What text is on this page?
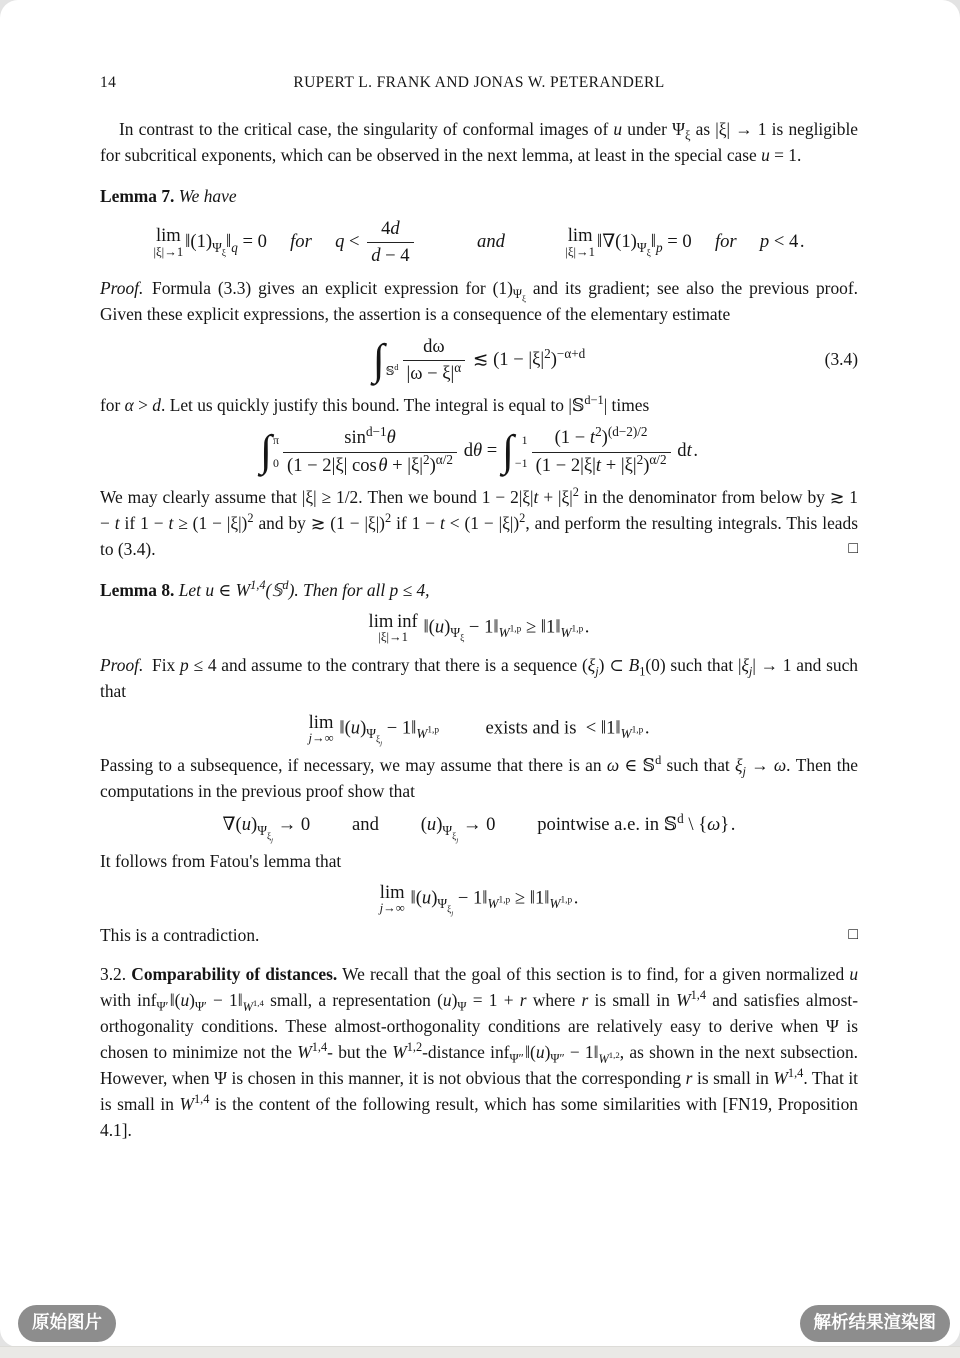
14	RUPERT L. FRANK AND JONAS W. PETERANDERL

In contrast to the critical case, the singularity of conformal images of u under $\Psi_\xi$ as |ξ| → 1 is negligible for subcritical exponents, which can be observed in the next lemma, at least in the special case u = 1.

Lemma 7. We have

lim
|ξ|→1 $‖(1)_{\Psi_\xi}‖_q = 0$  for  $q < \frac{4d}{d - 4}$
   	and   	lim
|ξ|→1 $‖\nabla(1)_{\Psi_\xi}‖_p = 0$  for  p < 4 .

Proof. Formula (3.3) gives an explicit expression for $(1)_{\Psi_\xi}$ and its gradient; see also the previous proof. Given these explicit expressions, the assertion is a consequence of the elementary estimate

∫
𝕊$^d$ $\frac{d\omega}{|\omega - \xi|^\alpha}$ ≲ $(1 - |\xi|^2)^{-\alpha+d}$	(3.4)

for α > d. Let us quickly justify this bound. The integral is equal to |𝕊$^{d-1}$| times

∫ π
$0 \frac{\sin^{d-1}\theta}{(1 - 2|\xi| \cos \theta + |\xi|^2)^{\alpha/2}}$  dθ = ∫ 1
$-1 \frac{(1 - t^2)^{(d-2)/2}}{(1 - 2|\xi|t + |\xi|^2)^{\alpha/2}}$  dt .

We may clearly assume that |ξ| ≥ 1/2. Then we bound $1 - 2|\xi|t + |\xi|^2$ in the denominator from below by ≳ 1 − t if $1 - t \ge (1 - |\xi|)^2$ and by ≳ $(1 - |\xi|)^2$ if $1 - t < (1 - |\xi|)^2$, and perform the resulting integrals. This leads to (3.4).	□

Lemma 8. Let u ∈ W$^{1,4}$(𝕊$^d$). Then for all p ≤ 4,

lim inf
|ξ|→1  $‖(u)_{\Psi_\xi}$ − $1‖_{W^{1,p}}$ ≥ $‖1‖_{W^{1,p}}$ .

Proof. Fix p ≤ 4 and assume to the contrary that there is a sequence $(\xi_j)$ ⊂ $B_1(0)$ such that $|\xi_j| \to 1$ and such that

lim
j→∞  $‖(u)_{\Psi_{\xi_j}}$ − $1‖_{W^{1,p}}$    exists and is  < $‖1‖_{W^{1,p}}$ .

Passing to a subsequence, if necessary, we may assume that there is an ω ∈ 𝕊$^d$ such that $\xi_j \to \omega$. Then the computations in the previous proof show that

$\nabla(u)_{\Psi_{\xi_j}} \to 0$   and   $(u)_{\Psi_{\xi_j}} \to 0$   pointwise a.e. in 𝕊$^d$ \ {ω} .

It follows from Fatou's lemma that

lim
j→∞  $‖(u)_{\Psi_{\xi_j}}$ − $1‖_{W^{1,p}}$ ≥ $‖1‖_{W^{1,p}}$ .

This is a contradiction.	□

3.2. Comparability of distances. We recall that the goal of this section is to find, for a given normalized u with inf$_{\Psi'}$ $‖(u)_{\Psi'}$ − $1‖_{W^{1,4}}$ small, a representation $(u)_\Psi = 1 + r$ where r is small in W$^{1,4}$ and satisfies almost-orthogonality conditions. These almost-orthogonality conditions are relatively easy to derive when Ψ is chosen to minimize not the W$^{1,4}$- but the W$^{1,2}$-distance inf$_{\Psi''}$ $‖(u)_{\Psi''}$ − $1‖_{W^{1,2}}$, as shown in the next subsection. However, when Ψ is chosen in this manner, it is not obvious that the corresponding r is small in W$^{1,4}$. That it is small in W$^{1,4}$ is the content of the following result, which has some similarities with [FN19, Proposition 4.1].

原始图片	解析结果渲染图
